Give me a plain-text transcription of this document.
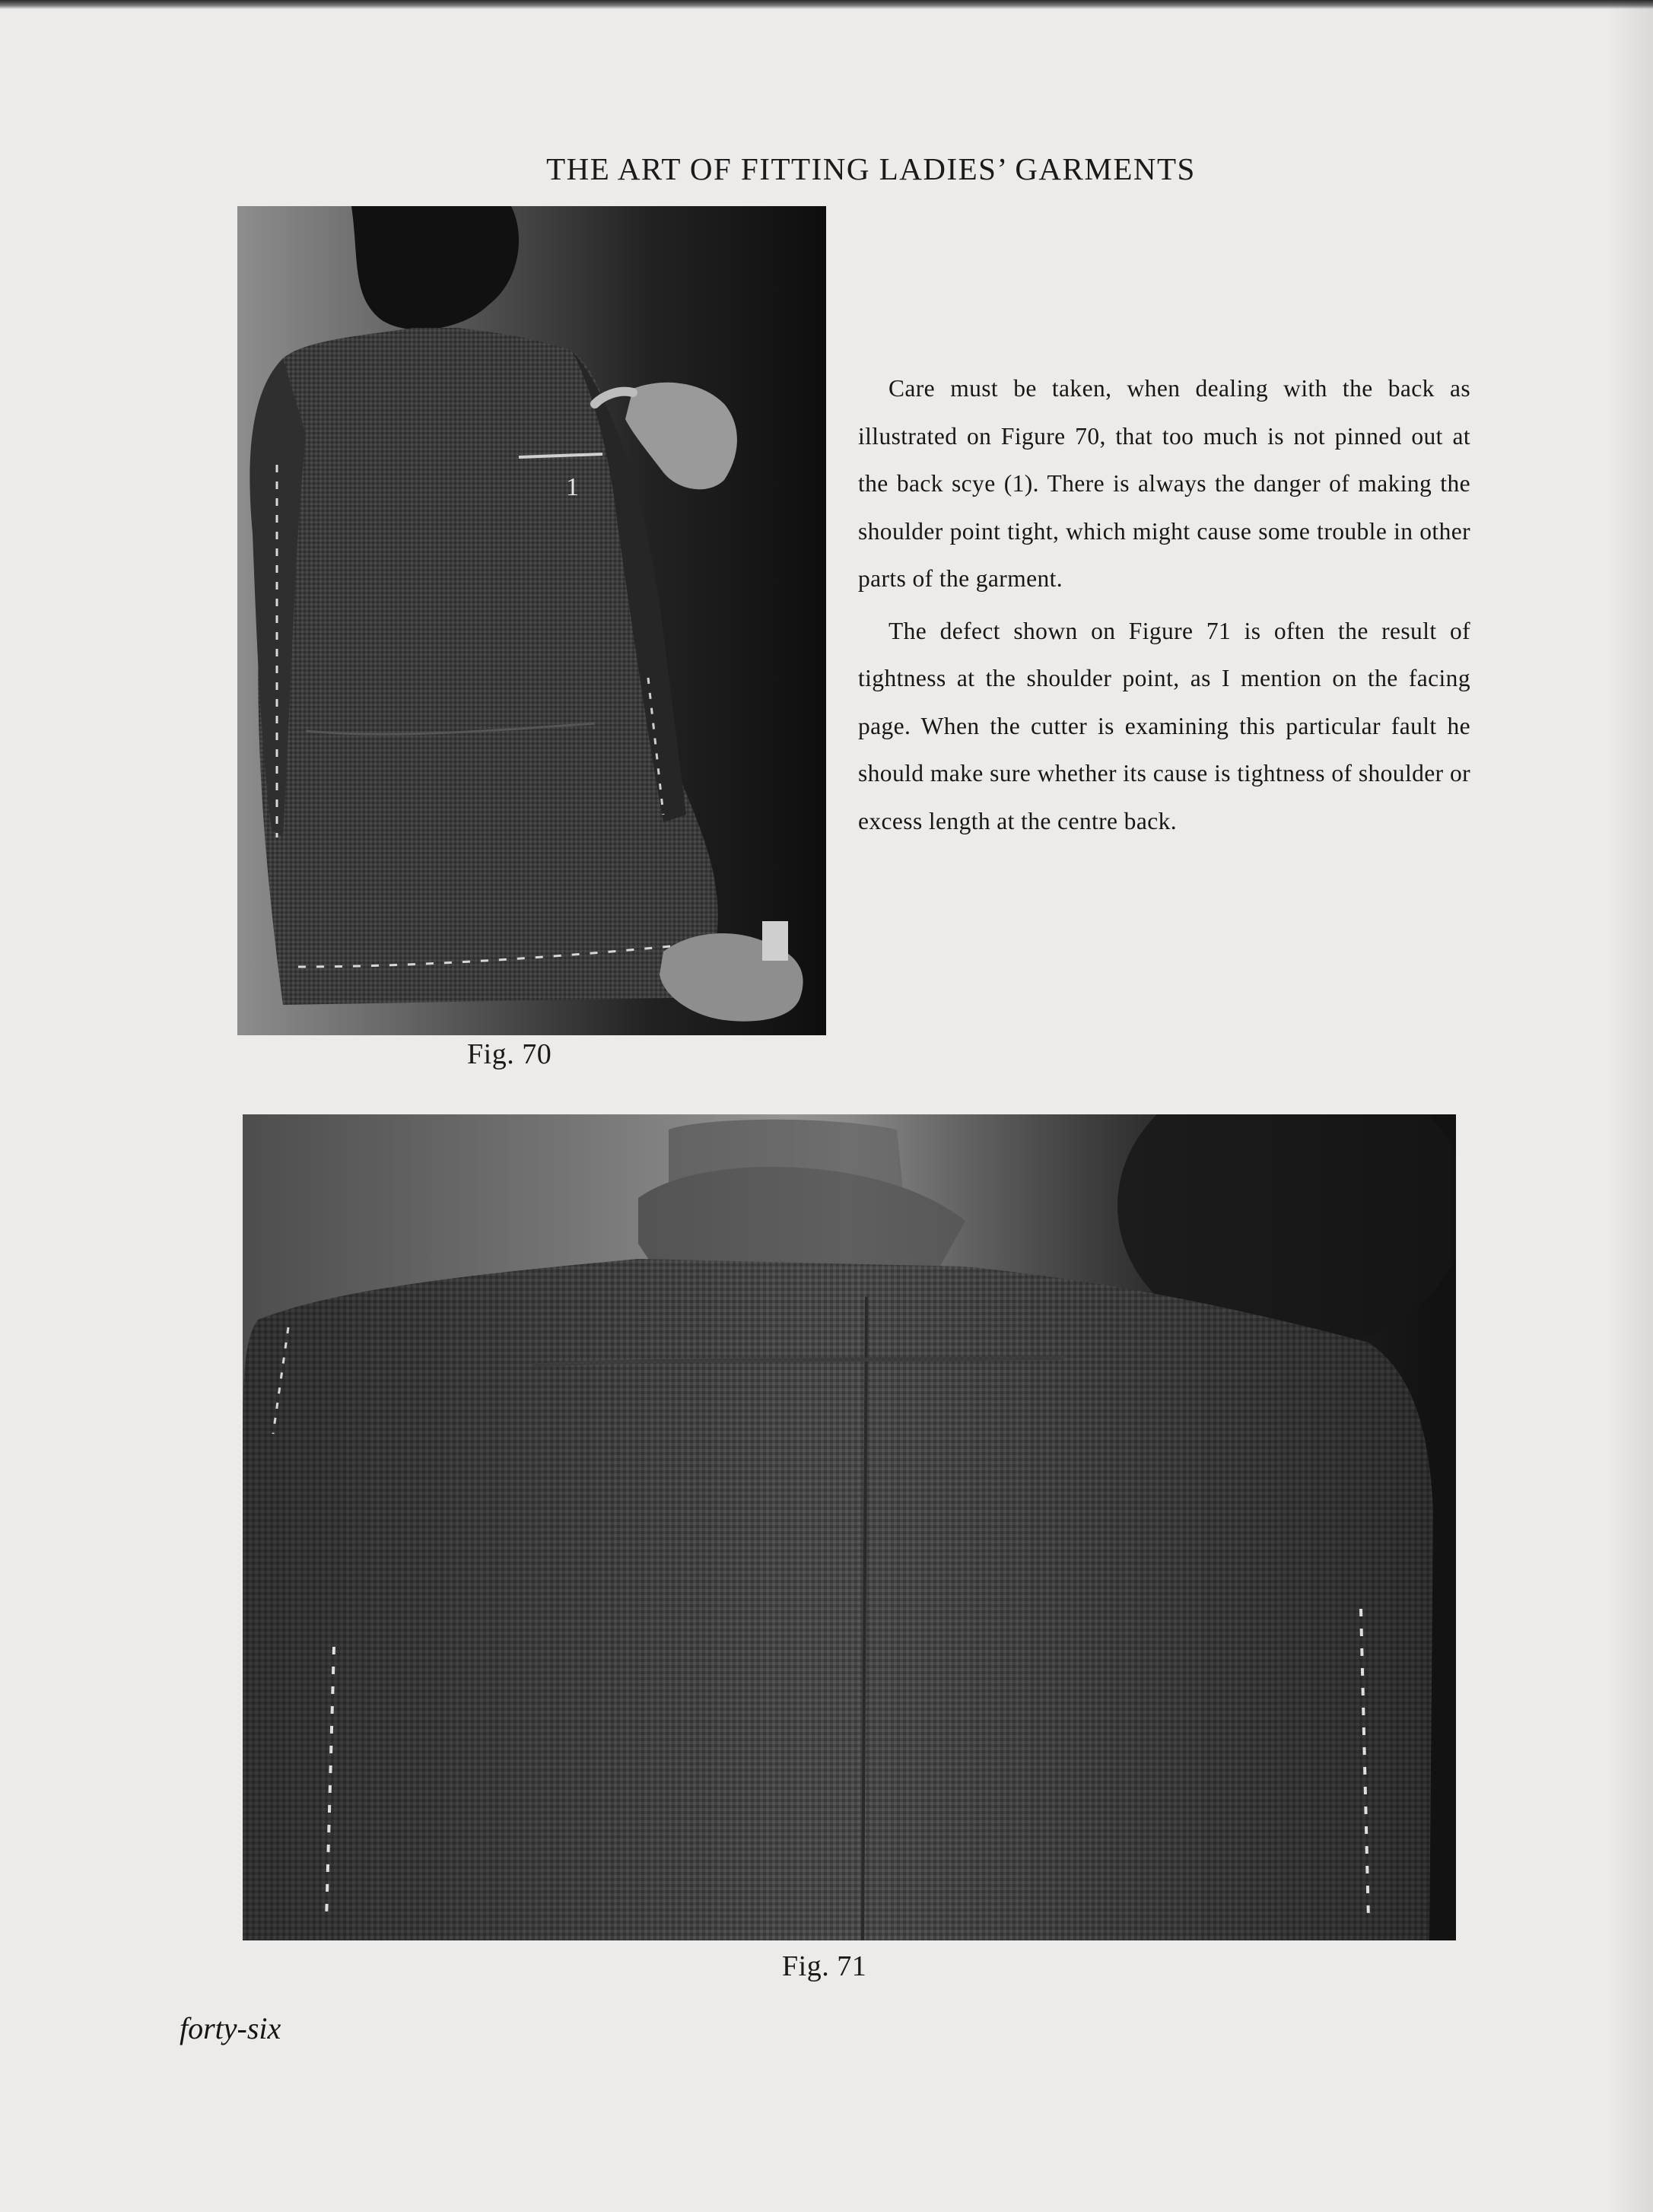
THE ART OF FITTING LADIES’ GARMENTS
1
Fig. 70

Care must be taken, when dealing with the back as illustrated on Figure 70, that too much is not pinned out at the back scye (1). There is always the danger of making the shoulder point tight, which might cause some trouble in other parts of the garment.

The defect shown on Figure 71 is often the result of tightness at the shoulder point, as I mention on the facing page. When the cutter is examining this particular fault he should make sure whether its cause is tightness of shoulder or excess length at the centre back.

Fig. 71
forty-six
